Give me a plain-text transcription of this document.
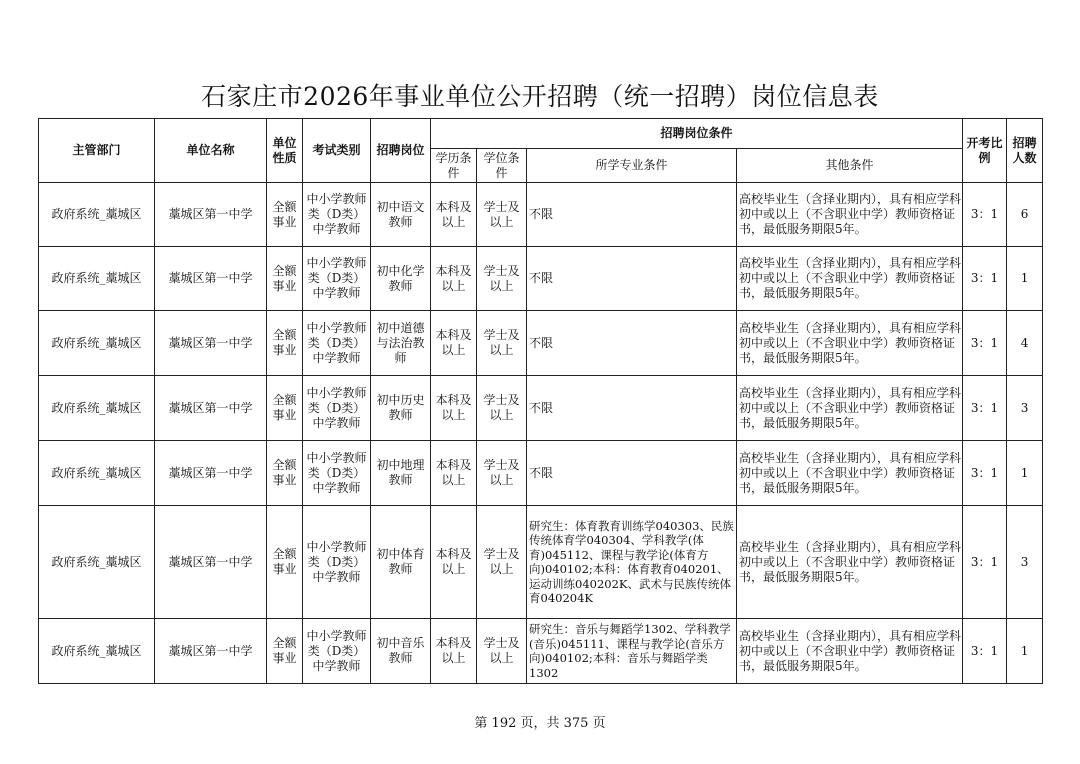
石家庄市2026年事业单位公开招聘（统一招聘）岗位信息表
主管部门	单位名称	单位性质	考试类别	招聘岗位	招聘岗位条件				开考比例	招聘人数
					学历条件	学位条件	所学专业条件	其他条件		
政府系统_藁城区	藁城区第一中学	全额事业	中小学教师类（D类）中学教师	初中语文教师	本科及以上	学士及以上	不限	高校毕业生（含择业期内），具有相应学科初中或以上（不含职业中学）教师资格证书，最低服务期限5年。	3：1	6
政府系统_藁城区	藁城区第一中学	全额事业	中小学教师类（D类）中学教师	初中化学教师	本科及以上	学士及以上	不限	高校毕业生（含择业期内），具有相应学科初中或以上（不含职业中学）教师资格证书，最低服务期限5年。	3：1	1
政府系统_藁城区	藁城区第一中学	全额事业	中小学教师类（D类）中学教师	初中道德与法治教师	本科及以上	学士及以上	不限	高校毕业生（含择业期内），具有相应学科初中或以上（不含职业中学）教师资格证书，最低服务期限5年。	3：1	4
政府系统_藁城区	藁城区第一中学	全额事业	中小学教师类（D类）中学教师	初中历史教师	本科及以上	学士及以上	不限	高校毕业生（含择业期内），具有相应学科初中或以上（不含职业中学）教师资格证书，最低服务期限5年。	3：1	3
政府系统_藁城区	藁城区第一中学	全额事业	中小学教师类（D类）中学教师	初中地理教师	本科及以上	学士及以上	不限	高校毕业生（含择业期内），具有相应学科初中或以上（不含职业中学）教师资格证书，最低服务期限5年。	3：1	1
政府系统_藁城区	藁城区第一中学	全额事业	中小学教师类（D类）中学教师	初中体育教师	本科及以上	学士及以上	研究生：体育教育训练学040303、民族传统体育学040304、学科教学(体育)045112、课程与教学论(体育方向)040102;本科：体育教育040201、运动训练040202K、武术与民族传统体育040204K	高校毕业生（含择业期内），具有相应学科初中或以上（不含职业中学）教师资格证书，最低服务期限5年。	3：1	3
政府系统_藁城区	藁城区第一中学	全额事业	中小学教师类（D类）中学教师	初中音乐教师	本科及以上	学士及以上	研究生：音乐与舞蹈学1302、学科教学(音乐)045111、课程与教学论(音乐方向)040102;本科：音乐与舞蹈学类1302	高校毕业生（含择业期内），具有相应学科初中或以上（不含职业中学）教师资格证书，最低服务期限5年。	3：1	1
第 192 页，共 375 页
